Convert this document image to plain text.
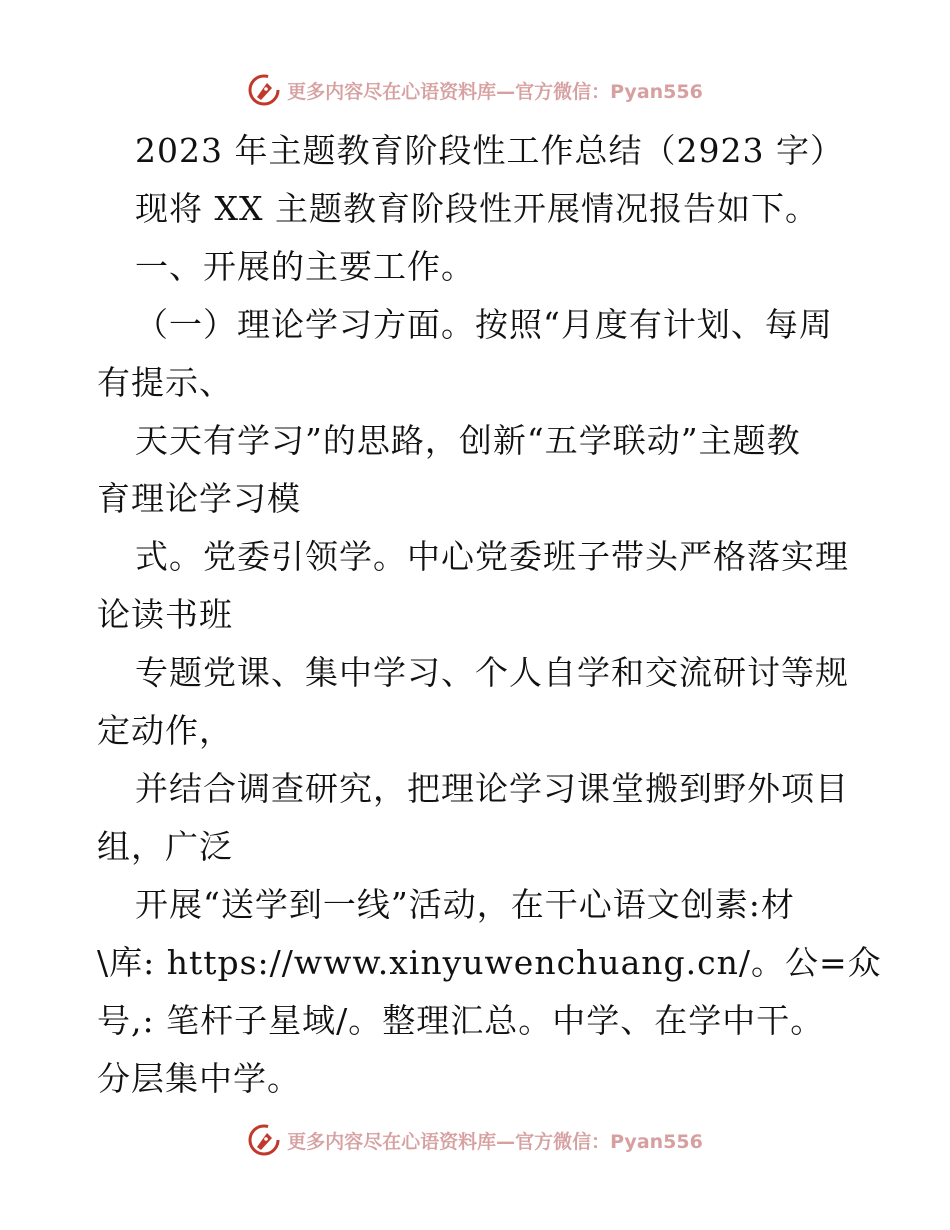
更多内容尽在心语资料库—官方微信：Pyan556
2023 年主题教育阶段性工作总结（2923 字）
现将 XX 主题教育阶段性开展情况报告如下。
一、开展的主要工作。
（一）理论学习方面。按照“月度有计划、每周
有提示、
天天有学习”的思路，创新“五学联动”主题教
育理论学习模
式。党委引领学。中心党委班子带头严格落实理
论读书班
专题党课、集中学习、个人自学和交流研讨等规
定动作，
并结合调查研究，把理论学习课堂搬到野外项目
组，广泛
开展“送学到一线”活动，在干心语文创素:材
\库: https://www.xinyuwenchuang.cn/。公=众
号,: 笔杆子星域/。整理汇总。中学、在学中干。
分层集中学。
更多内容尽在心语资料库—官方微信：Pyan556
